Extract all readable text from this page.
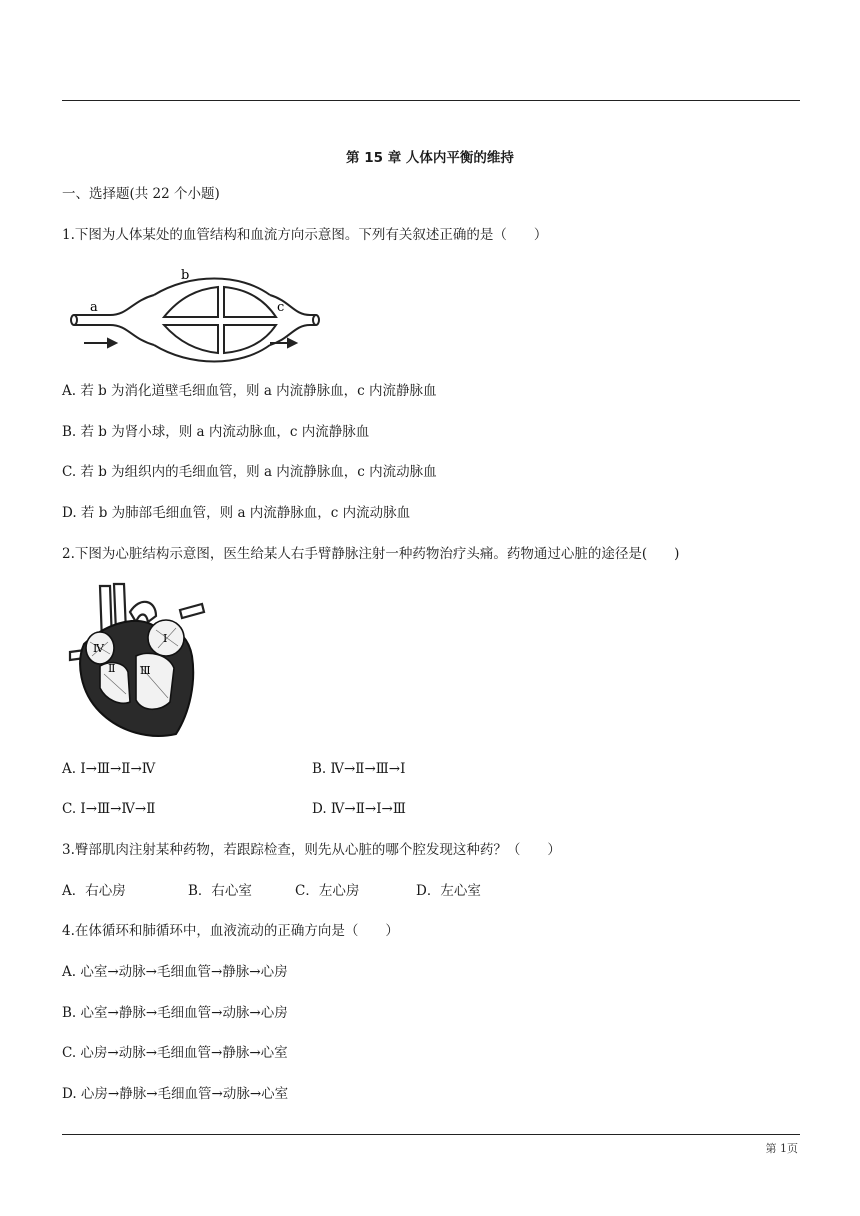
第 15 章 人体内平衡的维持
一、选择题(共 22 个小题)
1.下图为人体某处的血管结构和血流方向示意图。下列有关叙述正确的是（　　）
a
b
c
A. 若 b 为消化道壁毛细血管，则 a 内流静脉血，c 内流静脉血
B. 若 b 为肾小球，则 a 内流动脉血，c 内流静脉血
C. 若 b 为组织内的毛细血管，则 a 内流静脉血，c 内流动脉血
D. 若 b 为肺部毛细血管，则 a 内流静脉血，c 内流动脉血
2.下图为心脏结构示意图，医生给某人右手臂静脉注射一种药物治疗头痛。药物通过心脏的途径是(　　)
Ⅳ
Ⅰ
Ⅱ Ⅲ
A. Ⅰ→Ⅲ→Ⅱ→Ⅳ	B. Ⅳ→Ⅱ→Ⅲ→Ⅰ
C. Ⅰ→Ⅲ→Ⅳ→Ⅱ	D. Ⅳ→Ⅱ→Ⅰ→Ⅲ
3.臀部肌肉注射某种药物，若跟踪检查，则先从心脏的哪个腔发现这种药？（　　）
A．右心房	B．右心室	C．左心房	D．左心室
4.在体循环和肺循环中，血液流动的正确方向是（　　）
A. 心室→动脉→毛细血管→静脉→心房
B. 心室→静脉→毛细血管→动脉→心房
C. 心房→动脉→毛细血管→静脉→心室
D. 心房→静脉→毛细血管→动脉→心室
第 1页
